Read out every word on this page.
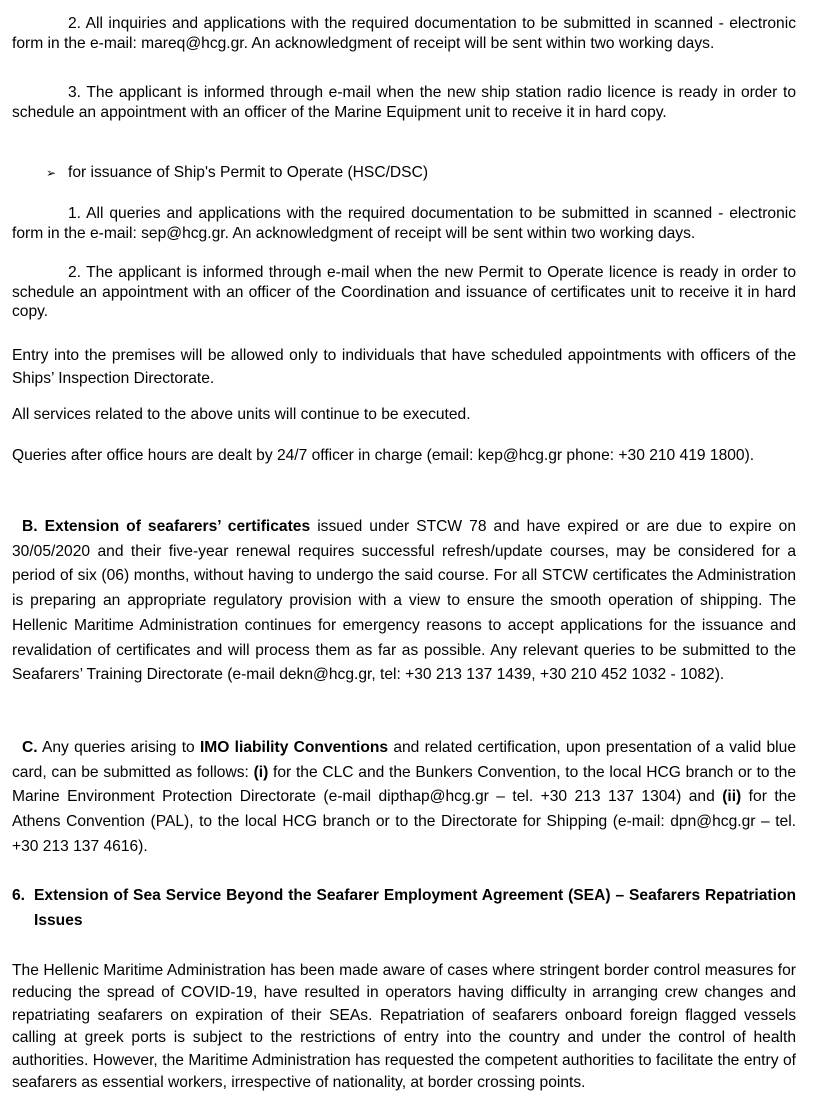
2. All inquiries and applications with the required documentation to be submitted in scanned - electronic form in the e-mail: mareq@hcg.gr. An acknowledgment of receipt will be sent within two working days.

3. The applicant is informed through e-mail when the new ship station radio licence is ready in order to schedule an appointment with an officer of the Marine Equipment unit to receive it in hard copy.

➢ for issuance of Ship's Permit to Operate (HSC/DSC)

1. All queries and applications with the required documentation to be submitted in scanned - electronic form in the e-mail: sep@hcg.gr. An acknowledgment of receipt will be sent within two working days.

2. The applicant is informed through e-mail when the new Permit to Operate licence is ready in order to schedule an appointment with an officer of the Coordination and issuance of certificates unit to receive it in hard copy.

Entry into the premises will be allowed only to individuals that have scheduled appointments with officers of the Ships’ Inspection Directorate.

All services related to the above units will continue to be executed.

Queries after office hours are dealt by 24/7 officer in charge (email: kep@hcg.gr phone: +30 210 419 1800).

B. Extension of seafarers’ certificates issued under STCW 78 and have expired or are due to expire on 30/05/2020 and their five-year renewal requires successful refresh/update courses, may be considered for a period of six (06) months, without having to undergo the said course. For all STCW certificates the Administration is preparing an appropriate regulatory provision with a view to ensure the smooth operation of shipping. The Hellenic Maritime Administration continues for emergency reasons to accept applications for the issuance and revalidation of certificates and will process them as far as possible. Any relevant queries to be submitted to the Seafarers’ Training Directorate (e-mail dekn@hcg.gr, tel: +30 213 137 1439, +30 210 452 1032 - 1082).

C. Any queries arising to IMO liability Conventions and related certification, upon presentation of a valid blue card, can be submitted as follows: (i) for the CLC and the Bunkers Convention, to the local HCG branch or to the Marine Environment Protection Directorate (e-mail dipthap@hcg.gr – tel. +30 213 137 1304) and (ii) for the Athens Convention (PAL), to the local HCG branch or to the Directorate for Shipping (e-mail: dpn@hcg.gr – tel. +30 213 137 4616).

6. Extension of Sea Service Beyond the Seafarer Employment Agreement (SEA) – Seafarers Repatriation Issues

The Hellenic Maritime Administration has been made aware of cases where stringent border control measures for reducing the spread of COVID-19, have resulted in operators having difficulty in arranging crew changes and repatriating seafarers on expiration of their SEAs. Repatriation of seafarers onboard foreign flagged vessels calling at greek ports is subject to the restrictions of entry into the country and under the control of health authorities. However, the Maritime Administration has requested the competent authorities to facilitate the entry of seafarers as essential workers, irrespective of nationality, at border crossing points.
